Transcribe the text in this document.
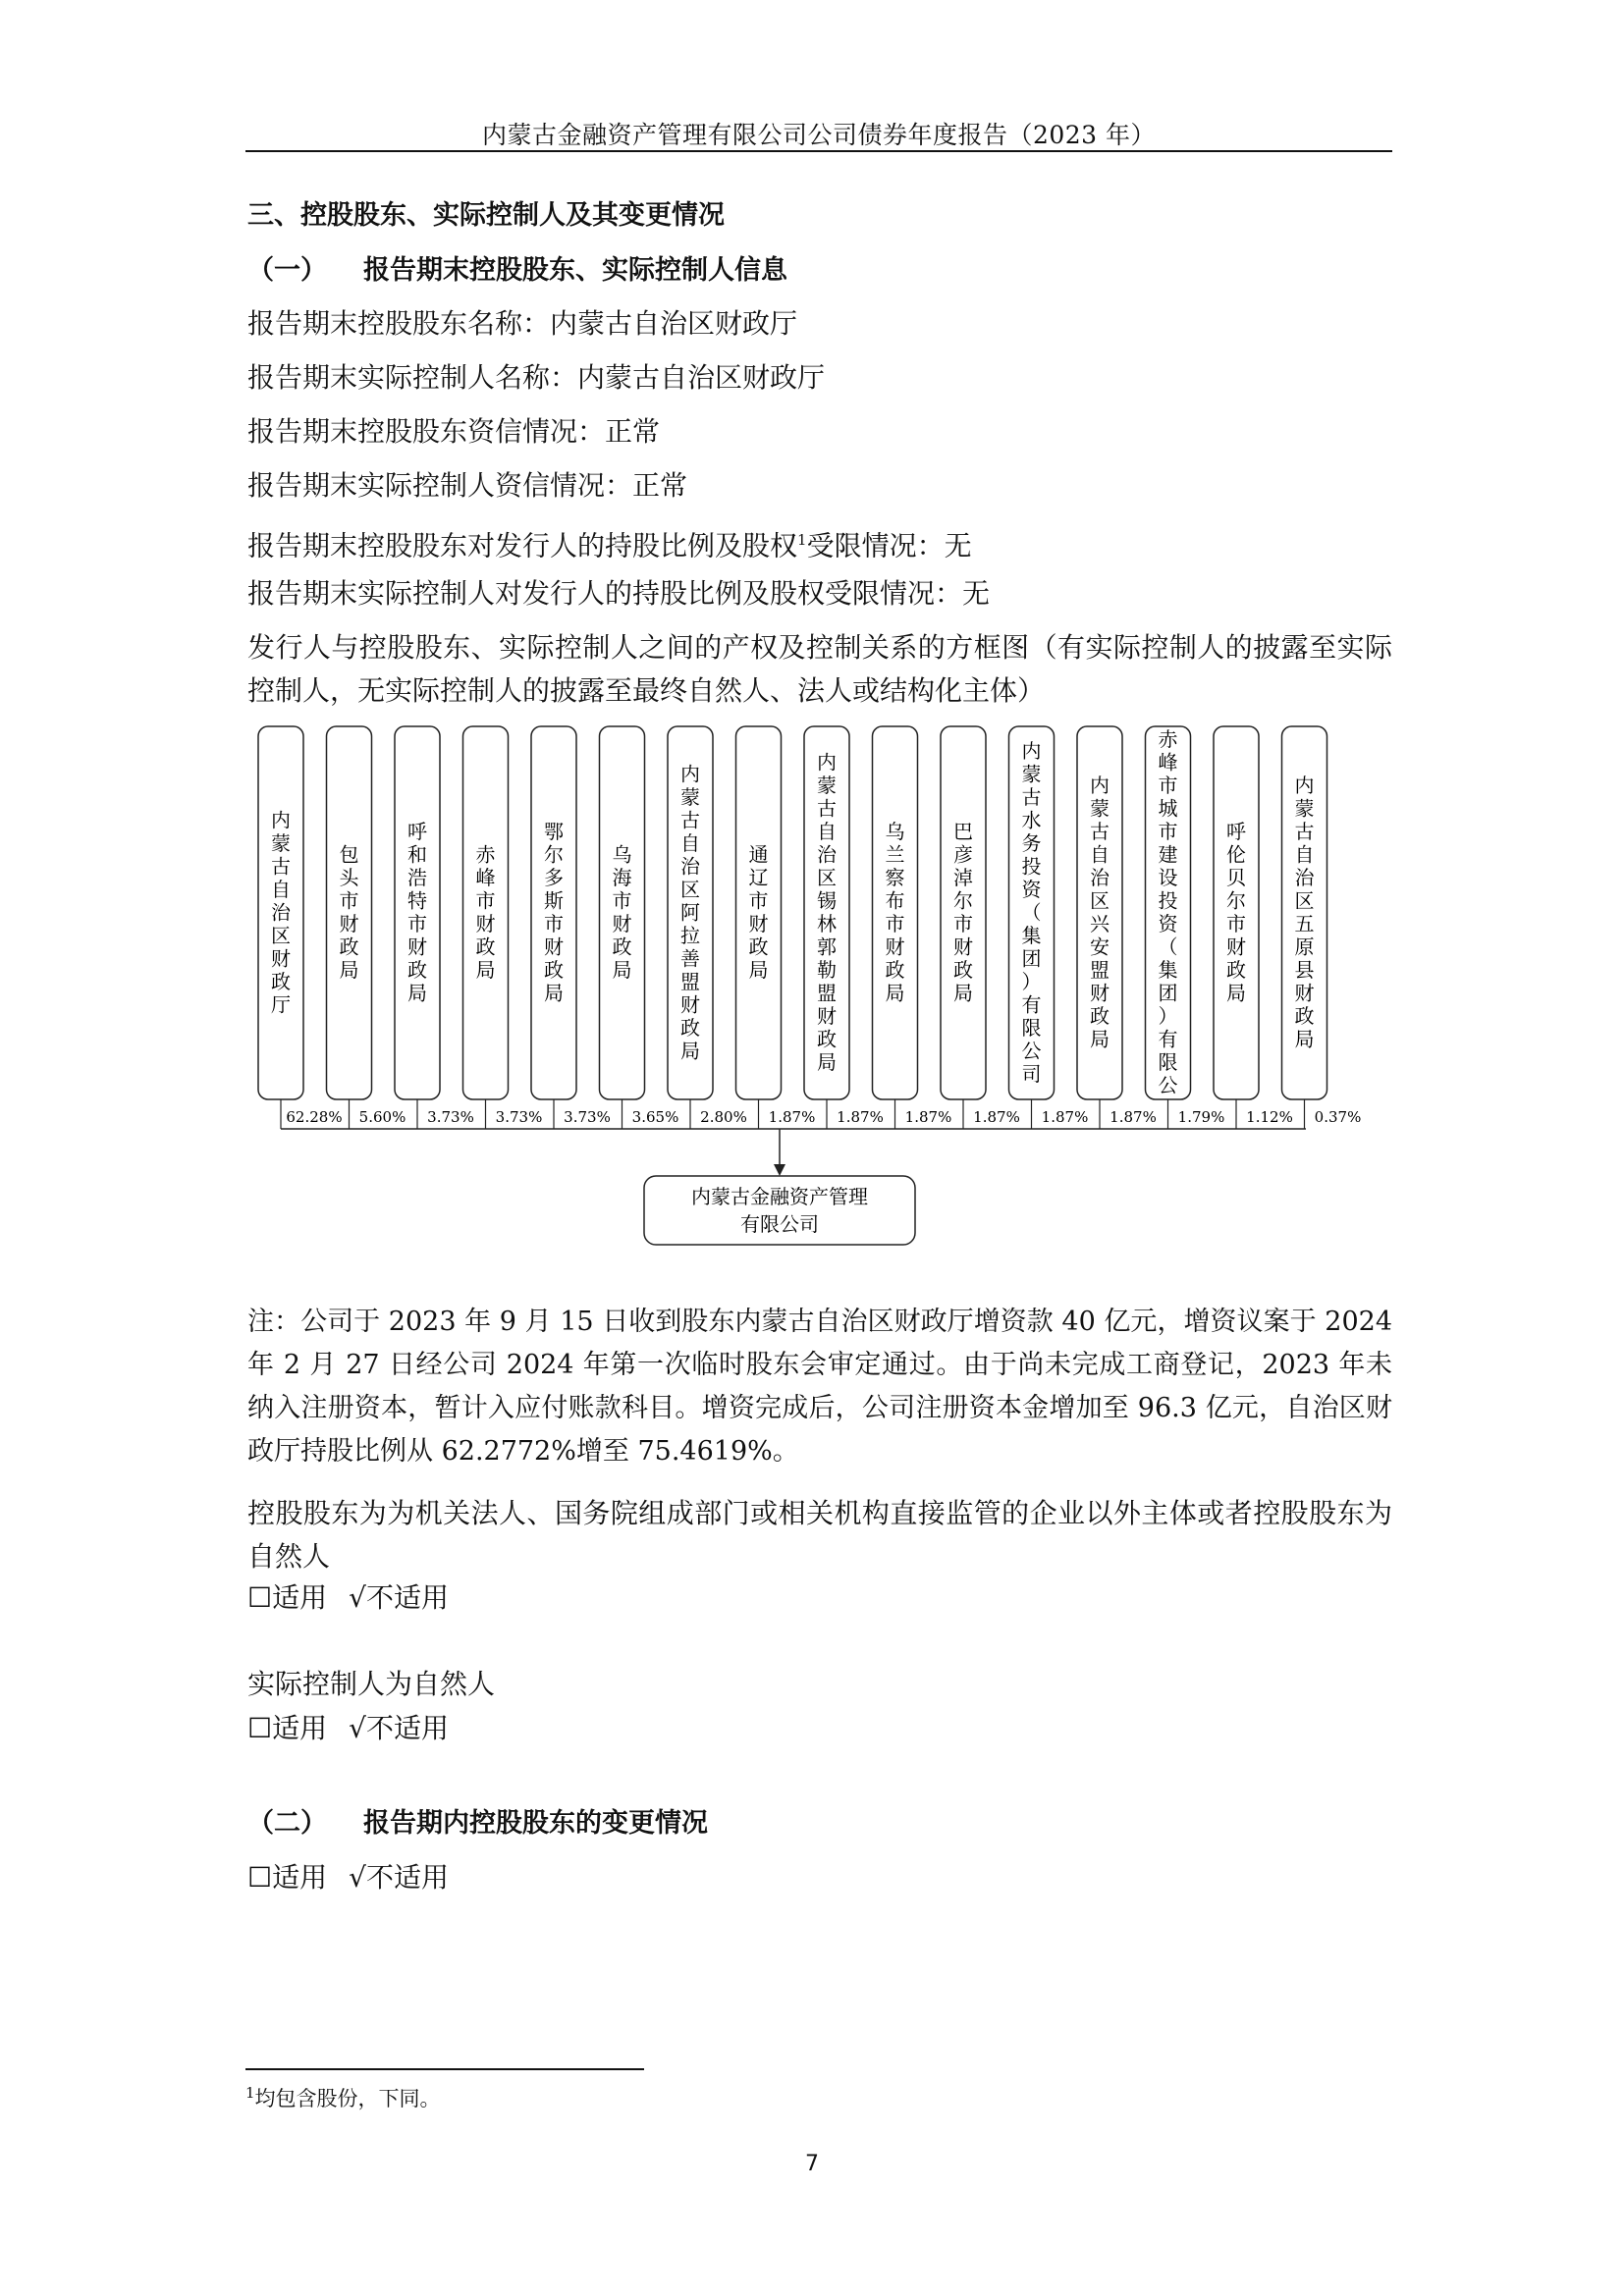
内蒙古金融资产管理有限公司公司债券年度报告（2023 年）
三、控股股东、实际控制人及其变更情况
（一） 报告期末控股股东、实际控制人信息
报告期末控股股东名称：内蒙古自治区财政厅
报告期末实际控制人名称：内蒙古自治区财政厅
报告期末控股股东资信情况：正常
报告期末实际控制人资信情况：正常
报告期末控股股东对发行人的持股比例及股权$^1$受限情况：无
报告期末实际控制人对发行人的持股比例及股权受限情况：无
发行人与控股股东、实际控制人之间的产权及控制关系的方框图（有实际控制人的披露至实际控制人，无实际控制人的披露至最终自然人、法人或结构化主体）
内蒙古自治区财政厅
包头市财政局
呼和浩特市财政局
赤峰市财政局
鄂尔多斯市财政局
乌海市财政局
内蒙古自治区阿拉善盟财政局
通辽市财政局
内蒙古自治区锡林郭勒盟财政局
乌兰察布市财政局
巴彦淖尔市财政局
内蒙古水务投资（集团）有限公司
内蒙古自治区兴安盟财政局
赤峰市城市建设投资（集团）有限公
呼伦贝尔市财政局
内蒙古自治区五原县财政局
62.28% 5.60% 3.73% 3.73% 3.73% 3.65% 2.80% 1.87% 1.87% 1.87% 1.87% 1.87% 1.87% 1.79% 1.12% 0.37%
内蒙古金融资产管理
有限公司
注：公司于 2023 年 9 月 15 日收到股东内蒙古自治区财政厅增资款 40 亿元，增资议案于 2024 年 2 月 27 日经公司 2024 年第一次临时股东会审定通过。由于尚未完成工商登记，2023 年未纳入注册资本，暂计入应付账款科目。增资完成后，公司注册资本金增加至 96.3 亿元，自治区财政厅持股比例从 62.2772%增至 75.4619%。
控股股东为为机关法人、国务院组成部门或相关机构直接监管的企业以外主体或者控股股东为自然人
☐适用 √不适用
实际控制人为自然人
☐适用 √不适用
（二） 报告期内控股股东的变更情况
☐适用 √不适用
$^1$均包含股份，下同。
7
